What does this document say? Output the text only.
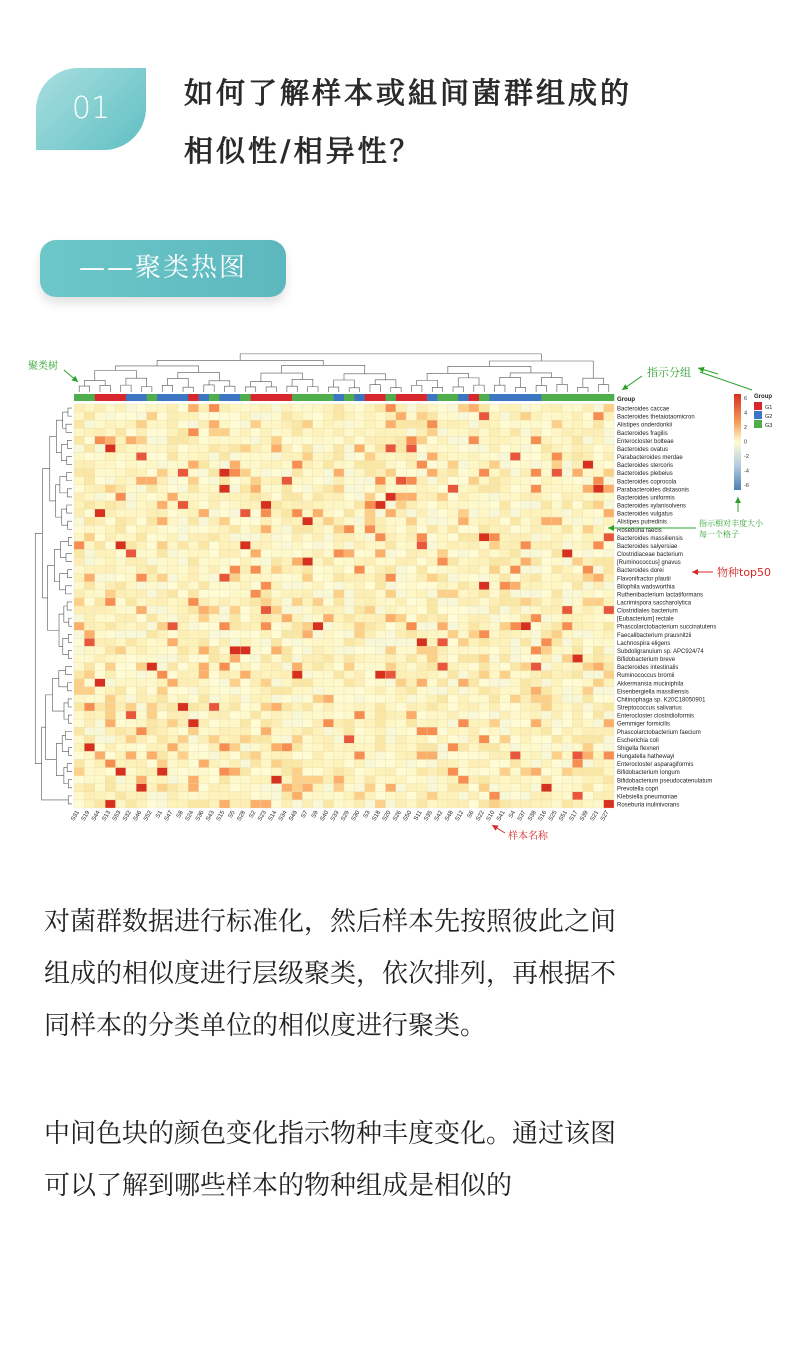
01	如何了解样本或組间菌群组成的
相似性/相异性？
——聚类热图
Bacteroides caccae
Bacteroides thetaiotaomicron
Alistipes onderdonkii
Bacteroides fragilis
Enterocloster bolteae
Bacteroides ovatus
Parabacteroides merdae
Bacteroides stercoris
Bacteroides plebeius
Bacteroides coprocola
Parabacteroides distasonis
Bacteroides uniformis
Bacteroides xylanisolvens
Bacteroides vulgatus
Alistipes putredinis
Roseburia faecis
Bacteroides massiliensis
Bacteroides salyersiae
Clostridiaceae bacterium
[Ruminococcus] gnavus
Bacteroides dorei
Flavonifractor plautii
Bilophila wadsworthia
Ruthenibacterium lactatiformans
Lacrimispora saccharolytica
Clostridiales bacterium
[Eubacterium] rectale
Phascolarctobacterium succinatutens
Faecalibacterium prausnitzii
Lachnospira eligens
Subdoligranulum sp. APC924/74
Bifidobacterium breve
Bacteroides intestinalis
Ruminococcus bromii
Akkermansia muciniphila
Eisenbergiella massiliensis
Chitinophaga sp. K20C18050901
Streptococcus salivarius
Enterocloster clostridioformis
Gemmiger formicilis
Phascolarctobacterium faecium
Escherichia coli
Shigella flexneri
Hungatella hathewayi
Enterocloster asparagiformis
Bifidobacterium longum
Bifidobacterium pseudocatenulatum
Prevotella copri
Klebsiella pneumoniae
Roseburia inulinivorans
S31 S19 S44 S13 S53 S32 S46 S52 S1 S47 S8 S24 S36 S43 S15 S5 S28 S2 S23 S14 S34 S49 S7 S9 S40 S33 S29 S30 S3 S18 S20 S26 S50 S11 S35 S42 S48 S12 S6 S22 S10 S41 S4 S37 S38 S16 S25 S51 S17 S39 S21 S27
Group	6
4
2
0
-2
-4
-6
Group
G1
G2
G3
聚类树	指示分组
指示相对丰度大小
每一个格子
物种top50
样本名称
对菌群数据进行标准化，然后样本先按照彼此之间
组成的相似度进行层级聚类，依次排列，再根据不
同样本的分类单位的相似度进行聚类。
中间色块的颜色变化指示物种丰度变化。通过该图
可以了解到哪些样本的物种组成是相似的
